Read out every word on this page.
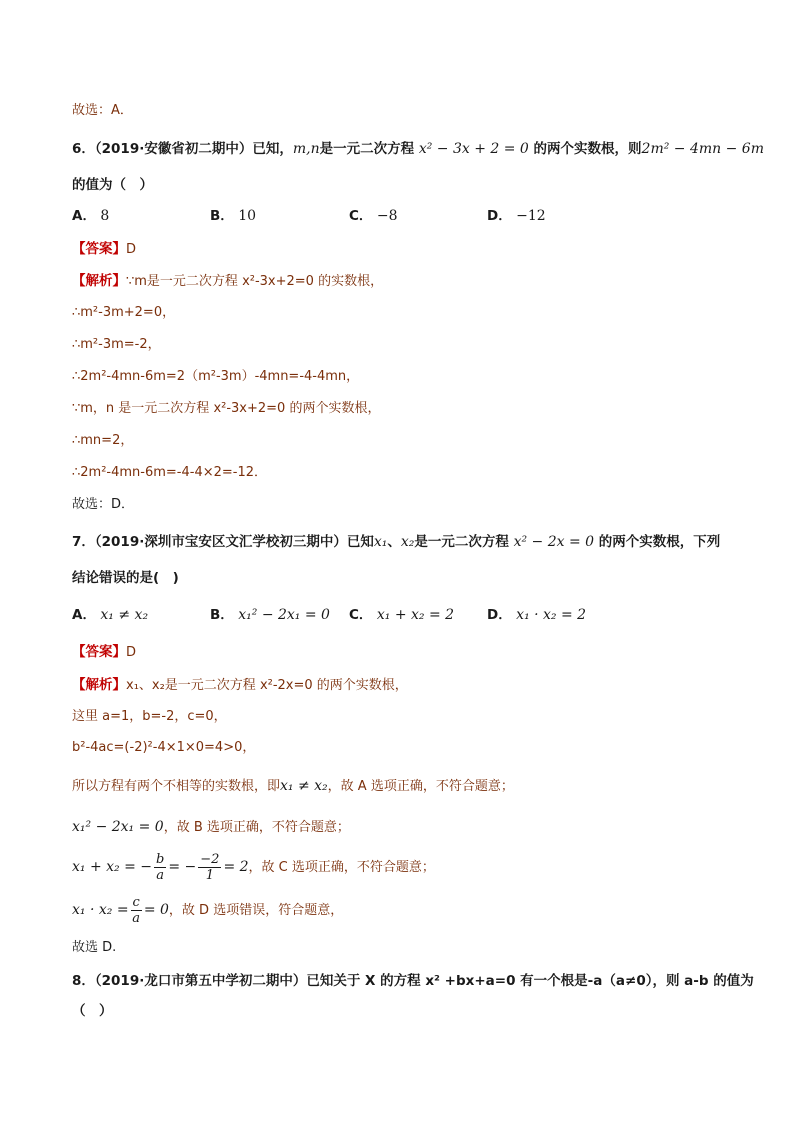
故选：A．
6．（2019·安徽省初二期中）已知，m,n是一元二次方程 x² − 3x + 2 = 0 的两个实数根，则2m² − 4mn − 6m
的值为（　）
A． 8	B． 10	C． −8	D． −12
【答案】D
【解析】∵m是一元二次方程 x²-3x+2=0 的实数根，
∴m²-3m+2=0，
∴m²-3m=-2，
∴2m²-4mn-6m=2（m²-3m）-4mn=-4-4mn，
∵m，n 是一元二次方程 x²-3x+2=0 的两个实数根，
∴mn=2，
∴2m²-4mn-6m=-4-4×2=-12．
故选：D．
7．（2019·深圳市宝安区文汇学校初三期中）已知x₁、x₂是一元二次方程 x² − 2x = 0 的两个实数根，下列
结论错误的是(　)
A． x₁ ≠ x₂	B． x₁² − 2x₁ = 0 C． x₁ + x₂ = 2 D． x₁ · x₂ = 2
【答案】D
【解析】x₁、x₂是一元二次方程 x²-2x=0 的两个实数根，
这里 a=1，b=-2，c=0，
b²-4ac=(-2)²-4×1×0=4>0，
所以方程有两个不相等的实数根，即x₁ ≠ x₂，故 A 选项正确，不符合题意；
x₁² − 2x₁ = 0，故 B 选项正确，不符合题意；
x₁ + x₂ = − $\frac{b}{a}$ = − $\frac{-2}{1} = 2$，故 C 选项正确，不符合题意；
$x_1 \cdot x_2 = \frac{c}{a} = 0$，故 D 选项错误，符合题意，
故选 D.
8．（2019·龙口市第五中学初二期中）已知关于 X 的方程 x² +bx+a=0 有一个根是-a（a≠0），则 a-b 的值为
（　）
